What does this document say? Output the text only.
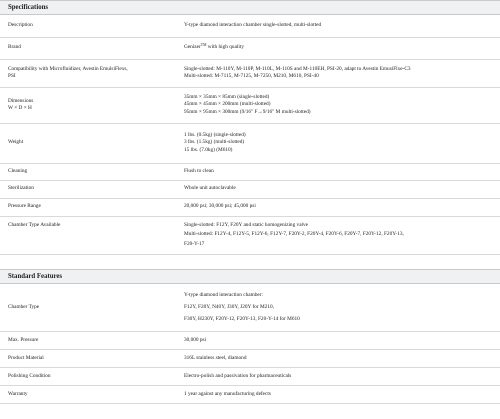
Specifications
Description	Y-type diamond interaction chamber single-slotted, multi-slotted

Brand	Genizer™ with high quality

Compatibility with Microfluidizer, Avestin EmulsiFlexs,
PSI	Single-slotted: M-110Y, M-110P, M-110L, M-110S and M-110EH, PSI-20, adapt to Avestin EmusiFlxe-C3
Multi-slotted: M-7115, M-7125, M-7250, M210, M610, PSI-40

Dimensions
W × D × H	35mm × 35mm × 85mm (single-slotted)
45mm × 45mm × 200mm (multi-slotted)
95mm × 95mm × 300mm (9/16" F→9/16" M multi-slotted)

Weight	1 lbs. (0.5kg) (single-slotted)
3 lbs. (1.5kg) (multi-slotted)
15 lbs. (7.0kg) (M610)

Cleaning	Flush to clean

Sterilization	Whole unit autoclavable

Pressure Range	20,000 psi; 30,000 psi; 45,000 psi

Chamber Type Available	Single-slotted: F12Y, F20Y and static homogenizing valve
Multi-slotted: F12Y-4, F12Y-5, F12Y-6, F12Y-7, F20Y-2, F20Y-4, F20Y-6, F20Y-7, F20Y-12, F20Y-13,
F20-Y-17
Standard Features
Chamber Type	Y-type diamond interaction chamber:
F12Y, F20Y, N40Y, J30Y, J20Y for M210,
F30Y, H230Y, F20Y-12, F20Y-13, F20-Y-14 for M610

Max. Pressure	30,000 psi

Product Material	316L stainless steel, diamond

Polishing Condition	Electro-polish and passivation for pharmaceuticals

Warranty	1 year against any manufacturing defects
